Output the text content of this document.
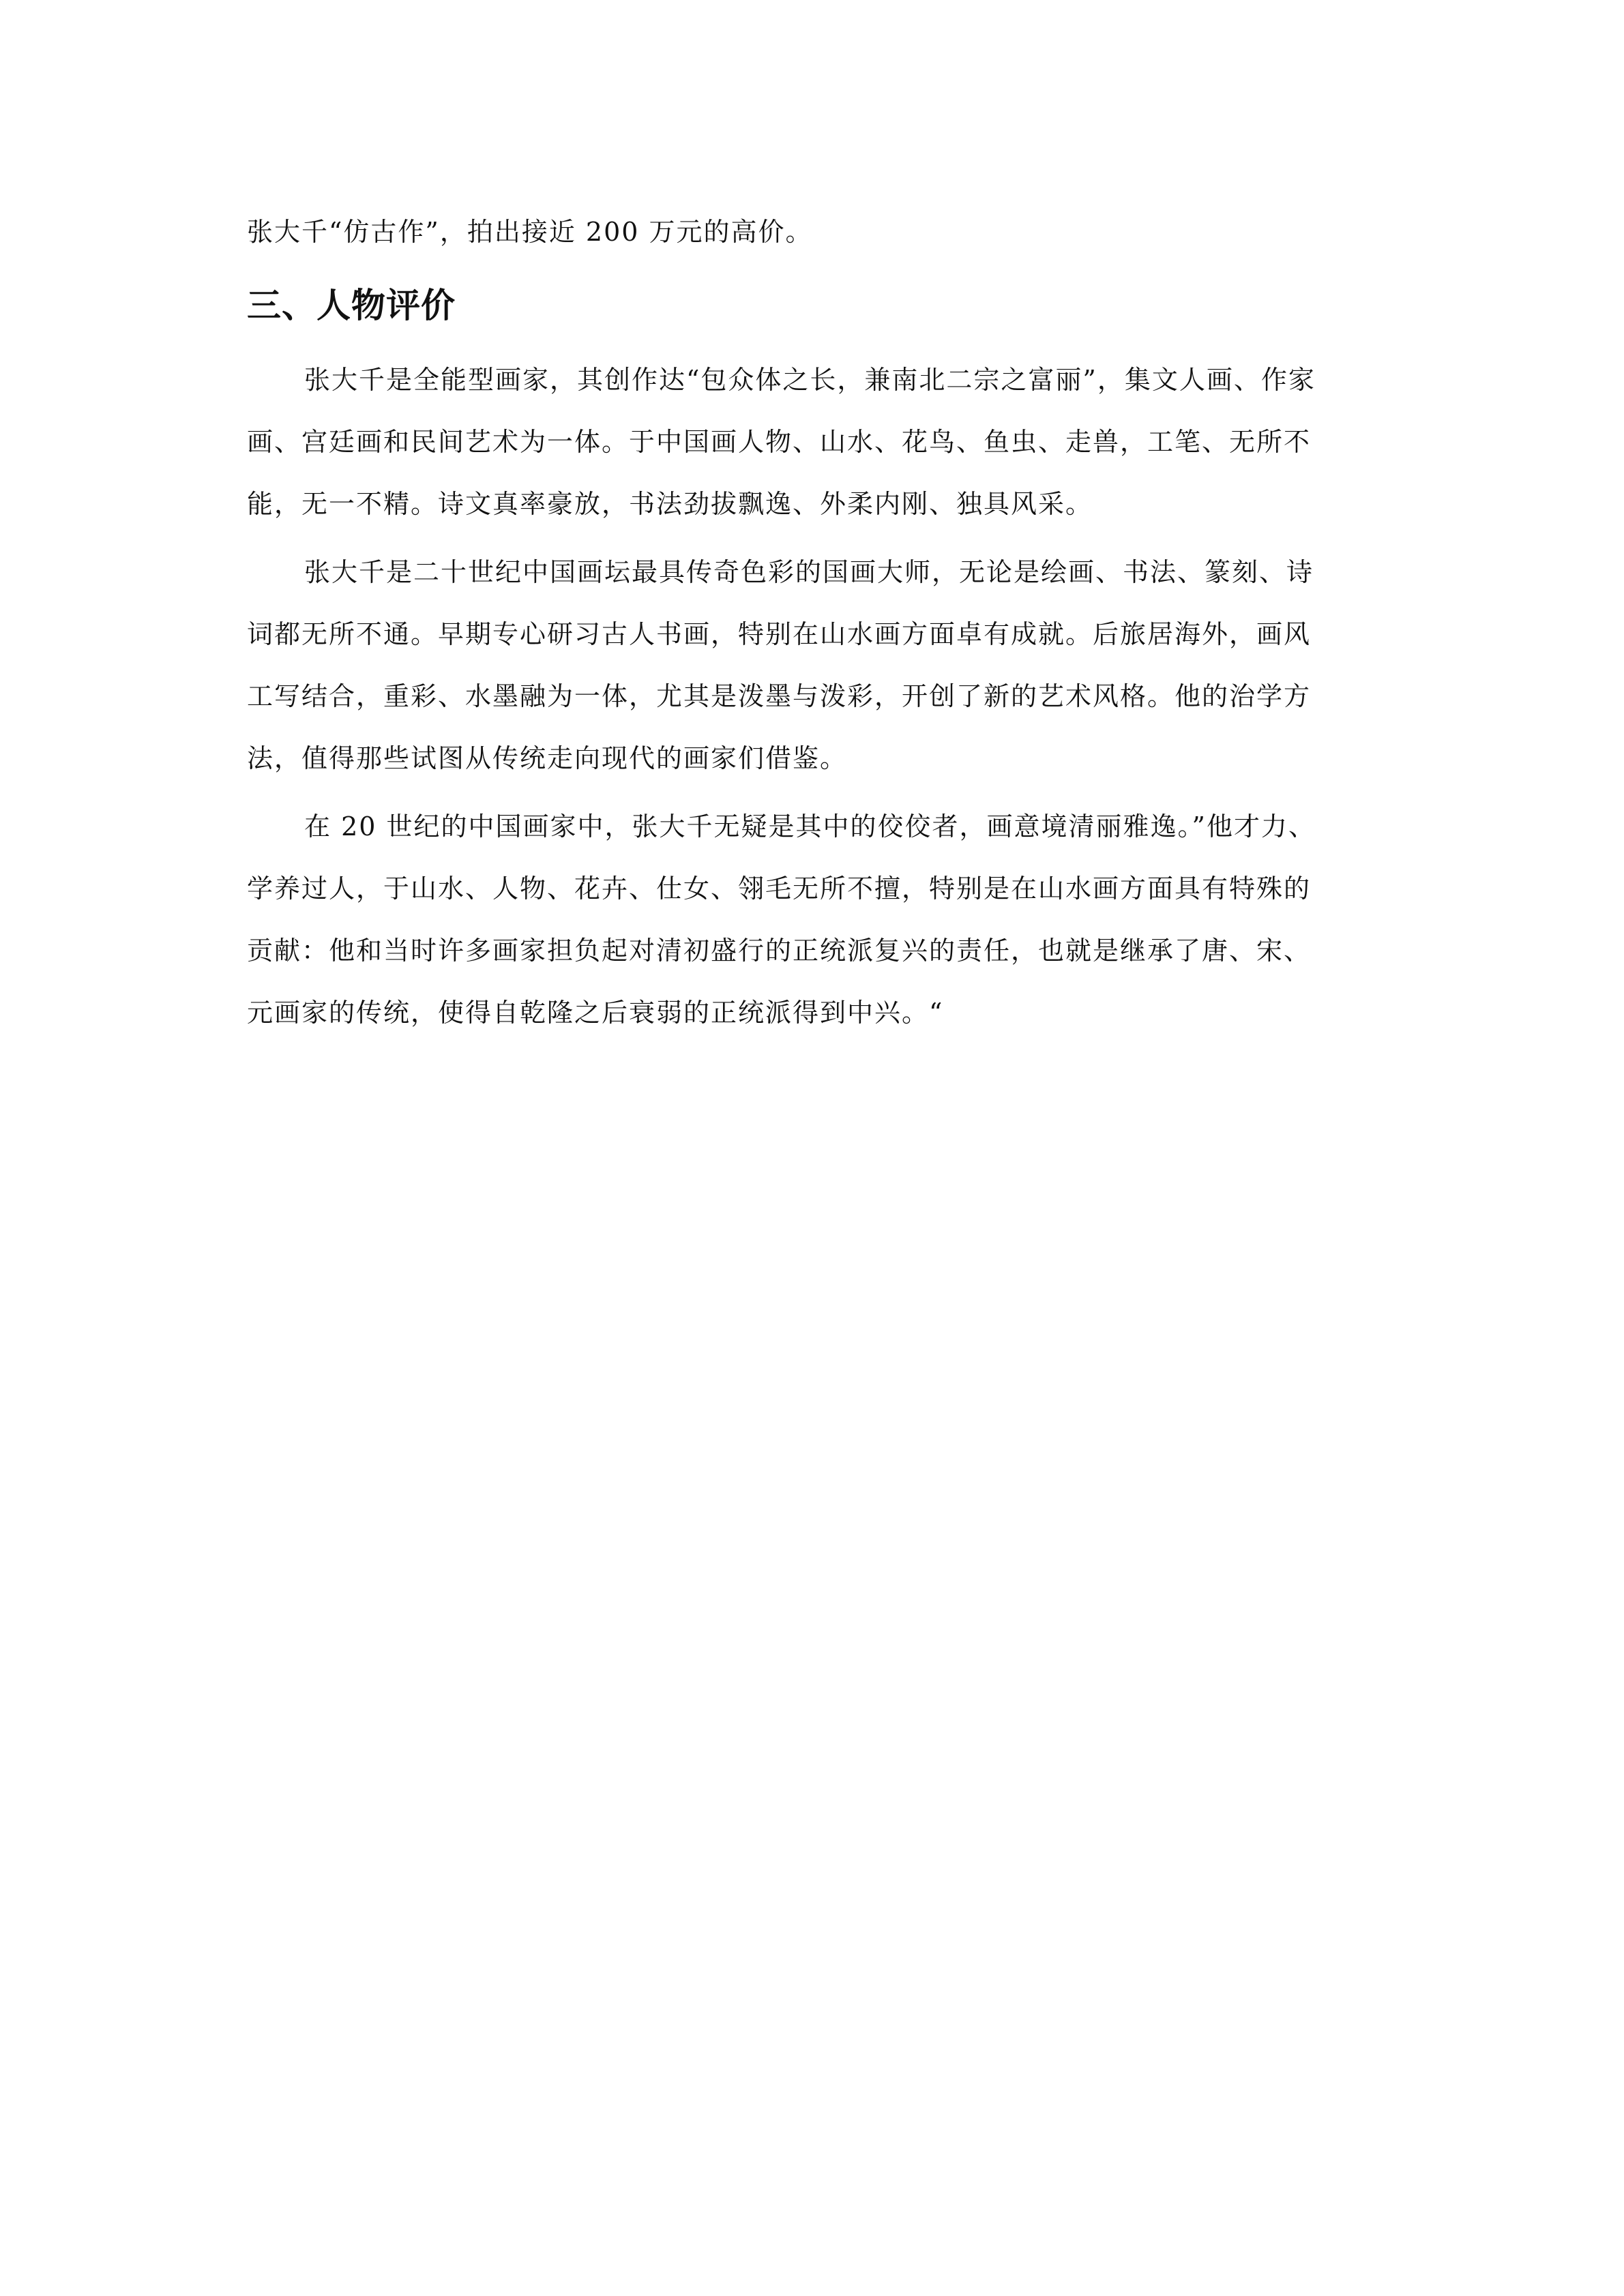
张大千“仿古作”，拍出接近 200 万元的高价。
三、人物评价
张大千是全能型画家，其创作达“包众体之长，兼南北二宗之富丽”，集文人画、作家
画、宫廷画和民间艺术为一体。于中国画人物、山水、花鸟、鱼虫、走兽，工笔、无所不
能，无一不精。诗文真率豪放，书法劲拔飘逸、外柔内刚、独具风采。
张大千是二十世纪中国画坛最具传奇色彩的国画大师，无论是绘画、书法、篆刻、诗
词都无所不通。早期专心研习古人书画，特别在山水画方面卓有成就。后旅居海外，画风
工写结合，重彩、水墨融为一体，尤其是泼墨与泼彩，开创了新的艺术风格。他的治学方
法，值得那些试图从传统走向现代的画家们借鉴。
在 20 世纪的中国画家中，张大千无疑是其中的佼佼者，画意境清丽雅逸。”他才力、
学养过人，于山水、人物、花卉、仕女、翎毛无所不擅，特别是在山水画方面具有特殊的
贡献：他和当时许多画家担负起对清初盛行的正统派复兴的责任，也就是继承了唐、宋、
元画家的传统，使得自乾隆之后衰弱的正统派得到中兴。“
